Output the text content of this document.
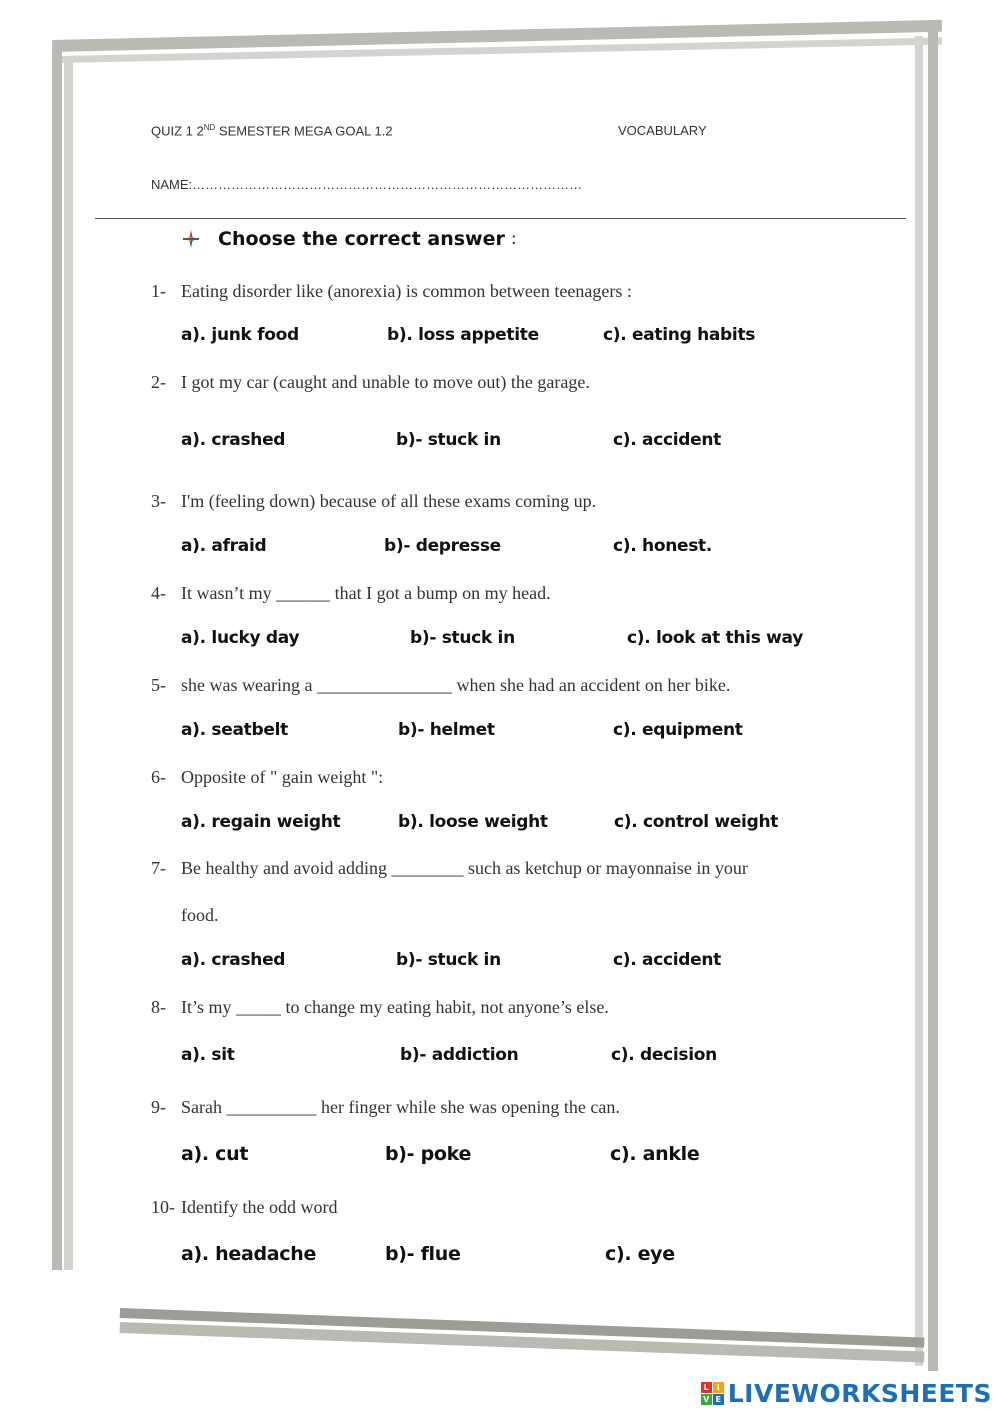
QUIZ 1 2ND SEMESTER MEGA GOAL 1.2	VOCABULARY
NAME:………………………………………………………………………………
Choose the correct answer :
1- Eating disorder like (anorexia) is common between teenagers :
a). junk food	b). loss appetite	c). eating habits
2- I got my car (caught and unable to move out) the garage.
a). crashed	b)- stuck in	c). accident
3- I'm (feeling down) because of all these exams coming up.
a). afraid	b)- depresse	c). honest.
4- It wasn’t my ______ that I got a bump on my head.
a). lucky day	b)- stuck in	c). look at this way
5- she was wearing a _______________ when she had an accident on her bike.
a). seatbelt	b)- helmet	c). equipment
6- Opposite of " gain weight ":
a). regain weight	b). loose weight	c). control weight
7- Be healthy and avoid adding ________ such as ketchup or mayonnaise in your
food.
a). crashed	b)- stuck in	c). accident
8- It’s my _____ to change my eating habit, not anyone’s else.
a). sit	b)- addiction	c). decision
9- Sarah __________ her finger while she was opening the can.
a). cut	b)- poke	c). ankle
10- Identify the odd word
a). headache	b)- flue	c). eye
L I
V E LIVEWORKSHEETS
